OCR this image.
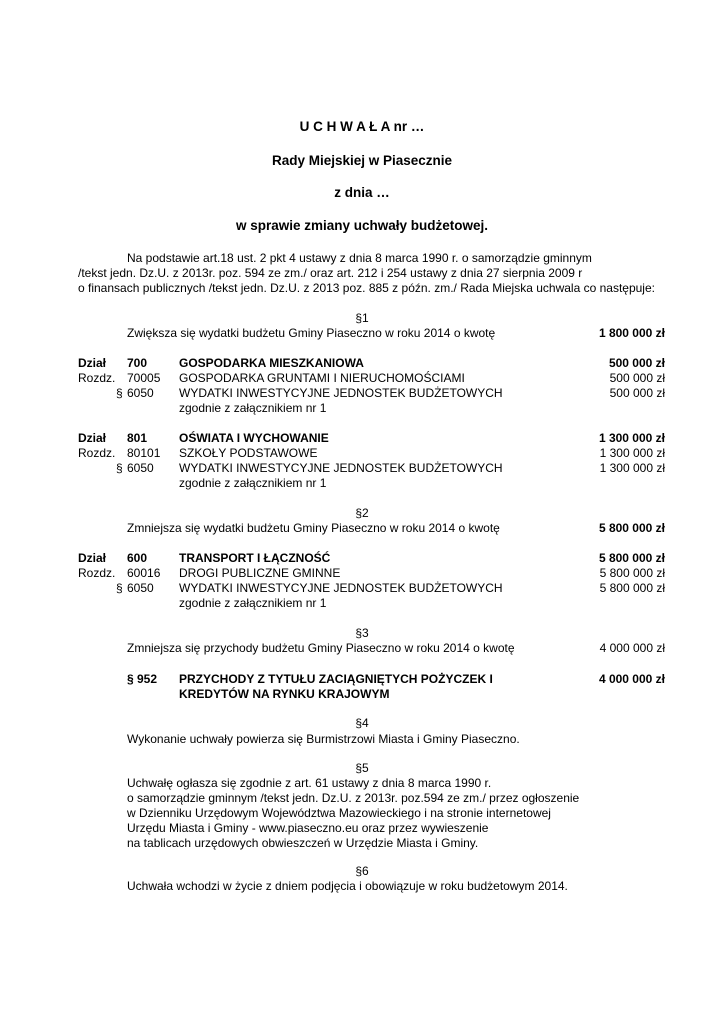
U C H W A Ł A nr …
Rady Miejskiej w Piasecznie
z dnia …
w sprawie zmiany uchwały budżetowej.
Na podstawie art.18 ust. 2 pkt 4 ustawy z dnia 8 marca 1990 r. o samorządzie gminnym
/tekst jedn. Dz.U. z 2013r. poz. 594 ze zm./ oraz art. 212 i 254 ustawy z dnia 27 sierpnia 2009 r
o finansach publicznych /tekst jedn. Dz.U. z 2013 poz. 885 z późn. zm./ Rada Miejska uchwala co następuje:
§1
Zwiększa się wydatki budżetu Gminy Piaseczno w roku 2014 o kwotę	1 800 000 zł
Dział 700	GOSPODARKA MIESZKANIOWA	500 000 zł
Rozdz. 70005 GOSPODARKA GRUNTAMI I NIERUCHOMOŚCIAMI	500 000 zł
§ 6050 WYDATKI INWESTYCYJNE JEDNOSTEK BUDŻETOWYCH	500 000 zł
zgodnie z załącznikiem nr 1
Dział 801	OŚWIATA I WYCHOWANIE	1 300 000 zł
Rozdz. 80101 SZKOŁY PODSTAWOWE	1 300 000 zł
§ 6050 WYDATKI INWESTYCYJNE JEDNOSTEK BUDŻETOWYCH	1 300 000 zł
zgodnie z załącznikiem nr 1
§2
Zmniejsza się wydatki budżetu Gminy Piaseczno w roku 2014 o kwotę	5 800 000 zł
Dział 600	TRANSPORT I ŁĄCZNOŚĆ	5 800 000 zł
Rozdz. 60016 DROGI PUBLICZNE GMINNE	5 800 000 zł
§ 6050 WYDATKI INWESTYCYJNE JEDNOSTEK BUDŻETOWYCH	5 800 000 zł
zgodnie z załącznikiem nr 1
§3
Zmniejsza się przychody budżetu Gminy Piaseczno w roku 2014 o kwotę	4 000 000 zł
§ 952 PRZYCHODY Z TYTUŁU ZACIĄGNIĘTYCH POŻYCZEK I	4 000 000 zł
KREDYTÓW NA RYNKU KRAJOWYM
§4
Wykonanie uchwały powierza się Burmistrzowi Miasta i Gminy Piaseczno.
§5
Uchwałę ogłasza się zgodnie z art. 61 ustawy z dnia 8 marca 1990 r.
o samorządzie gminnym /tekst jedn. Dz.U. z 2013r. poz.594 ze zm./ przez ogłoszenie
w Dzienniku Urzędowym Województwa Mazowieckiego i na stronie internetowej
Urzędu Miasta i Gminy - www.piaseczno.eu oraz przez wywieszenie
na tablicach urzędowych obwieszczeń w Urzędzie Miasta i Gminy.
§6
Uchwała wchodzi w życie z dniem podjęcia i obowiązuje w roku budżetowym 2014.
